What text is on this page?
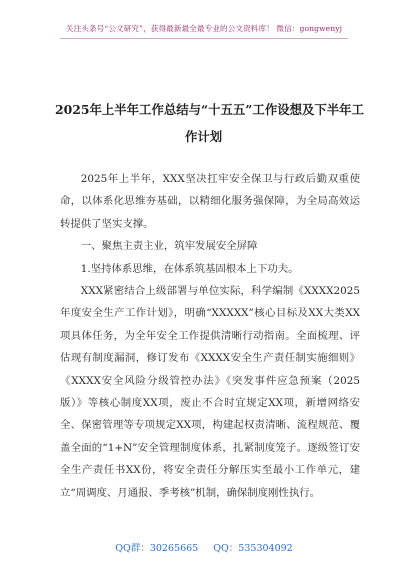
关注头条号“公文研究”，获得最新最全最专业的公文资料库！ 微信：gongwenyj
2025年上半年工作总结与“十五五”工作设想及下半年工
作计划

2025年上半年，XXX坚决扛牢安全保卫与行政后勤双重使命，以体系化思维夯基础，以精细化服务强保障，为全局高效运转提供了坚实支撑。

一、聚焦主责主业，筑牢发展安全屏障

1.坚持体系思维，在体系筑基固根本上下功夫。

XXX紧密结合上级部署与单位实际，科学编制《XXXX2025年度安全生产工作计划》，明确“XXXXX”核心目标及XX大类XX项具体任务，为全年安全工作提供清晰行动指南。全面梳理、评估现有制度漏洞，修订发布《XXXX安全生产责任制实施细则》《XXXX安全风险分级管控办法》《突发事件应急预案（2025版）》等核心制度XX项，废止不合时宜规定XX项，新增网络安全、保密管理等专项规定XX项，构建起权责清晰、流程规范、覆盖全面的“1+N”安全管理制度体系，扎紧制度笼子。逐级签订安全生产责任书XX份，将安全责任分解压实至最小工作单元，建立“周调度、月通报、季考核”机制，确保制度刚性执行。

QQ群：30265665 QQ：535304092
